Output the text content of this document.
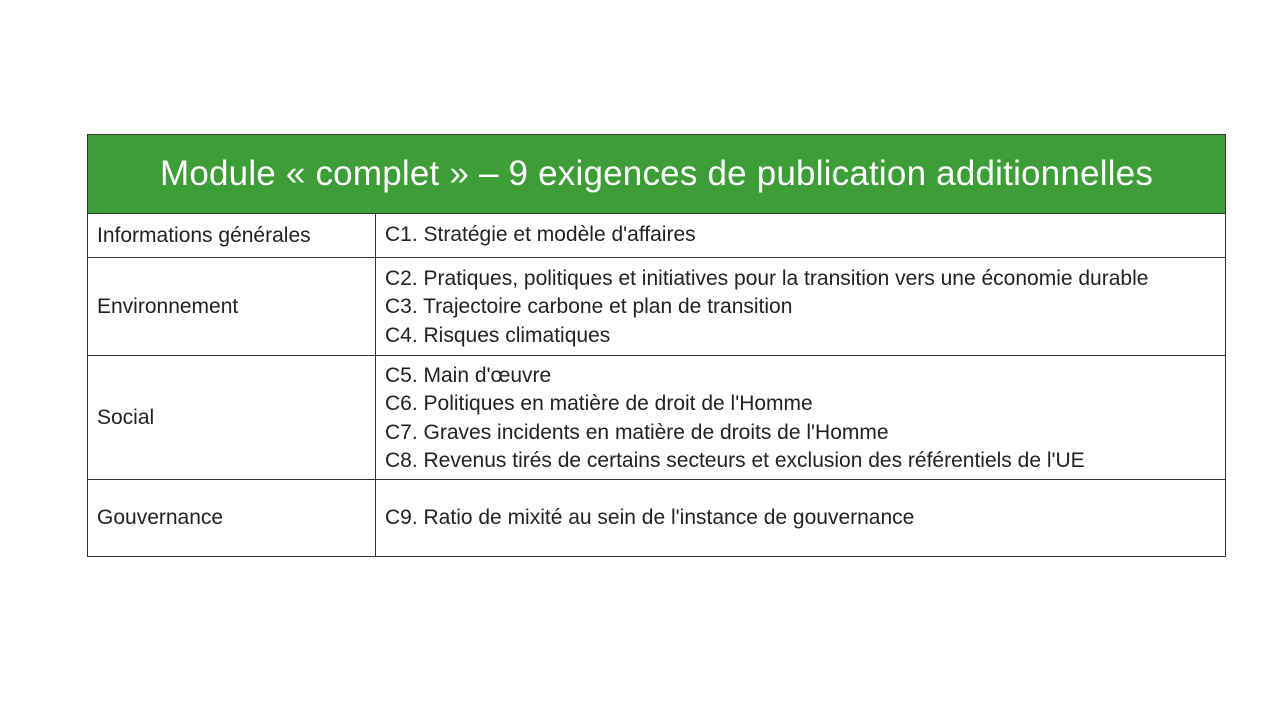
Module « complet » – 9 exigences de publication additionnelles	
Informations générales	C1. Stratégie et modèle d'affaires

Environnement	C2. Pratiques, politiques et initiatives pour la transition vers une économie durable
C3. Trajectoire carbone et plan de transition
C4. Risques climatiques

Social	C5. Main d'œuvre
C6. Politiques en matière de droit de l'Homme
C7. Graves incidents en matière de droits de l'Homme
C8. Revenus tirés de certains secteurs et exclusion des référentiels de l'UE

Gouvernance	C9. Ratio de mixité au sein de l'instance de gouvernance
